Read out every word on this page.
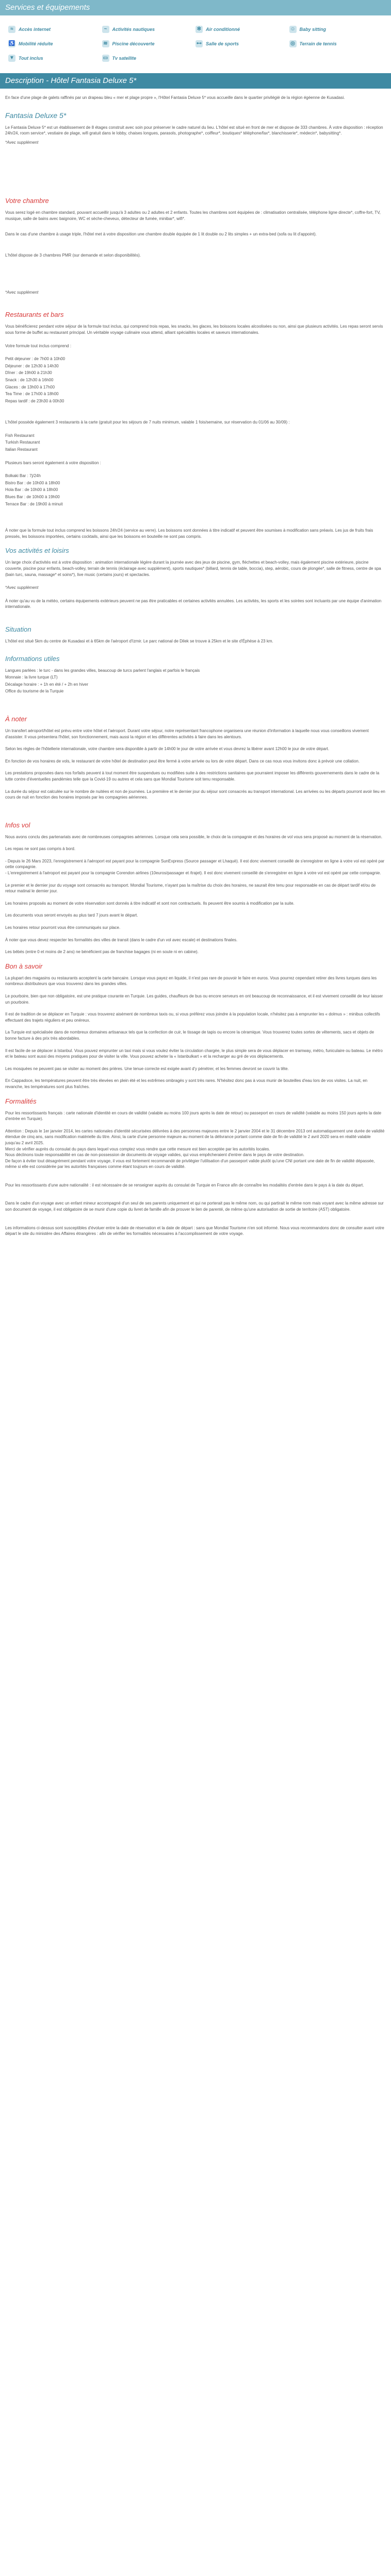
Services et équipements
≈	Accès internet	~	Activités nautiques	✻ Air conditionné	☺ Baby sitting
♿ Mobilité réduite	≋ Piscine découverte	⊷ Salle de sports	◎ Terrain de tennis
▼ Tout inclus	▭ Tv satellite
Description - Hôtel Fantasia Deluxe 5*

En face d'une plage de galets raffinés par un drapeau bleu « mer et plage propre », l'Hôtel Fantasia Deluxe 5* vous accueille dans le quartier privilégié de la région égéenne de Kusadasi.

Fantasia Deluxe 5*

Le Fantasia Deluxe 5* est un établissement de 8 étages construit avec soin pour préserver le cadre naturel du lieu. L'hôtel est situé en front de mer et dispose de 333 chambres. À votre disposition : réception 24h/24, room service*, vestiaire de plage, wifi gratuit dans le lobby, chaises longues, parasols, photographe*, coiffeur*, boutiques* téléphone/fax*, blanchisserie*, médecin*, babysitting*.

*Avec supplément

Votre chambre

Vous serez logé en chambre standard, pouvant accueillir jusqu'à 3 adultes ou 2 adultes et 2 enfants. Toutes les chambres sont équipées de : climatisation centralisée, téléphone ligne directe*, coffre-fort, TV, musique, salle de bains avec baignoire, WC et sèche-cheveux, détecteur de fumée, minibar*, wifi*.

Dans le cas d'une chambre à usage triple, l'hôtel met à votre disposition une chambre double équipée de 1 lit double ou 2 lits simples + un extra-bed (sofa ou lit d'appoint).

L'hôtel dispose de 3 chambres PMR (sur demande et selon disponibilités).

*Avec supplément

Restaurants et bars

Vous bénéficierez pendant votre séjour de la formule tout inclus, qui comprend trois repas, les snacks, les glaces, les boissons locales alcoolisées ou non, ainsi que plusieurs activités. Les repas seront servis sous forme de buffet au restaurant principal. Un véritable voyage culinaire vous attend, alliant spécialités locales et saveurs internationales.

Votre formule tout inclus comprend :

Petit déjeuner : de 7h00 à 10h00

Déjeuner : de 12h30 à 14h30

Dîner : de 19h00 à 21h30

Snack : de 12h30 à 16h00

Glaces : de 13h00 à 17h00

Tea Time : de 17h00 à 18h00

Repas tardif : de 23h30 à 00h30

L'hôtel possède également 3 restaurants à la carte (gratuit pour les séjours de 7 nuits minimum, valable 1 fois/semaine, sur réservation du 01/06 au 30/09) :

Fish Restaurant

Turkish Restaurant

Italian Restaurant

Plusieurs bars seront également à votre disposition :

Bolkaki Bar : 7j/24h

Bistro Bar : de 10h00 à 18h00

Hola Bar : de 10h00 à 18h00

Blues Bar : de 10h00 à 19h00

Terrace Bar : de 19h00 à minuit

À noter que la formule tout inclus comprend les boissons 24h/24 (service au verre). Les boissons sont données à titre indicatif et peuvent être soumises à modification sans préavis. Les jus de fruits frais pressés, les boissons importées, certains cocktails, ainsi que les boissons en bouteille ne sont pas compris.

Vos activités et loisirs

Un large choix d'activités est à votre disposition : animation internationale légère durant la journée avec des jeux de piscine, gym, fléchettes et beach-volley, mais également piscine extérieure, piscine couverte, piscine pour enfants, beach-volley, terrain de tennis (éclairage avec supplément), sports nautiques* (billard, tennis de table, boccia), step, aérobic, cours de plongée*, salle de fitness, centre de spa (bain turc, sauna, massage* et soins*), live music (certains jours) et spectacles.

*Avec supplément

À noter qu'au vu de la météo, certains équipements extérieurs peuvent ne pas être praticables et certaines activités annulées. Les activités, les sports et les soirées sont incluants par une équipe d'animation internationale.

Situation

L'hôtel est situé 5km du centre de Kusadasi et à 65km de l'aéroport d'Izmir. Le parc national de Dilek se trouve à 25km et le site d'Éphèse à 23 km.

Informations utiles

Langues parlées : le turc - dans les grandes villes, beaucoup de turcs parlent l'anglais et parfois le français

Monnaie : la livre turque (LT)

Décalage horaire : + 1h en été / + 2h en hiver

Office du tourisme de la Turquie

À noter

Un transfert aéroport/hôtel est prévu entre votre hôtel et l'aéroport. Durant votre séjour, notre représentant francophone organisera une réunion d'information à laquelle nous vous conseillons vivement d'assister. Il vous présentera l'hôtel, son fonctionnement, mais aussi la région et les différentes activités à faire dans les alentours.

Selon les règles de l'hôtellerie internationale, votre chambre sera disponible à partir de 14h00 le jour de votre arrivée et vous devrez la libérer avant 12h00 le jour de votre départ.

En fonction de vos horaires de vols, le restaurant de votre hôtel de destination peut être fermé à votre arrivée ou lors de votre départ. Dans ce cas nous vous invitons donc à prévoir une collation.

Les prestations proposées dans nos forfaits peuvent à tout moment être suspendues ou modifiées suite à des restrictions sanitaires que pourraient imposer les différents gouvernements dans le cadre de la lutte contre d'éventuelles pandémies telle que la Covid-19 ou autres et cela sans que Mondial Tourisme soit tenu responsable.

La durée du séjour est calculée sur le nombre de nuitées et non de journées. La première et le dernier jour du séjour sont consacrés au transport international. Les arrivées ou les départs pourront avoir lieu en cours de nuit en fonction des horaires imposés par les compagnies aériennes.

Infos vol

Nous avons conclu des partenariats avec de nombreuses compagnies aériennes. Lorsque cela sera possible, le choix de la compagnie et des horaires de vol vous sera proposé au moment de la réservation.

Les repas ne sont pas compris à bord.

- Depuis le 26 Mars 2023, l'enregistrement à l'aéroport est payant pour la compagnie SunExpress (Source passager et Lhaquè). Il est donc vivement conseillé de s'enregistrer en ligne à votre vol est opéré par cette compagnie.
- L'enregistrement à l'aéroport est payant pour la compagnie Corendon airlines (10euros/passager et /trajet). Il est donc vivement conseillé de s'enregistrer en ligne à votre vol est opéré par cette compagnie.

Le premier et le dernier jour du voyage sont consacrés au transport. Mondial Tourisme, n'ayant pas la maîtrise du choix des horaires, ne saurait être tenu pour responsable en cas de départ tardif et/ou de retour matinal le dernier jour.

Les horaires proposés au moment de votre réservation sont donnés à titre indicatif et sont non contractuels. Ils peuvent être soumis à modification par la suite.

Les documents vous seront envoyés au plus tard 7 jours avant le départ.

Les horaires retour pourront vous être communiqués sur place.

À noter que vous devez respecter les formalités des villes de transit (dans le cadre d'un vol avec escale) et destinations finales.

Les bébés (entre 0 et moins de 2 ans) ne bénéficient pas de franchise bagages (ni en soute ni en cabine).

Bon à savoir

La plupart des magasins ou restaurants acceptent la carte bancaire. Lorsque vous payez en liquide, il n'est pas rare de pouvoir le faire en euros. Vous pourrez cependant retirer des livres turques dans les nombreux distributeurs que vous trouverez dans les grandes villes.

Le pourboire, bien que non obligatoire, est une pratique courante en Turquie. Les guides, chauffeurs de bus ou encore serveurs en ont beaucoup de reconnaissance, et il est vivement conseillé de leur laisser un pourboire.

Il est de tradition de se déplacer en Turquie : vous trouverez aisément de nombreux taxis ou, si vous préférez vous joindre à la population locale, n'hésitez pas à emprunter les « dolmus » : minibus collectifs effectuant des trajets réguliers et peu onéreux.

La Turquie est spécialisée dans de nombreux domaines artisanaux tels que la confection de cuir, le tissage de tapis ou encore la céramique. Vous trouverez toutes sortes de vêtements, sacs et objets de bonne facture à des prix très abordables.

Il est facile de se déplacer à Istanbul. Vous pouvez emprunter un taxi mais si vous voulez éviter la circulation chargée, le plus simple sera de vous déplacer en tramway, métro, funiculaire ou bateau. Le métro et le bateau sont aussi des moyens pratiques pour de visiter la ville. Vous pouvez acheter la « Istanbulkart » et la recharger au gré de vos déplacements.

Les mosquées ne peuvent pas se visiter au moment des prières. Une tenue correcte est exigée avant d'y pénétrer, et les femmes devront se couvrir la tête.

En Cappadoce, les températures peuvent être très élevées en plein été et les extrêmes ombragés y sont très rares. N'hésitez donc pas à vous munir de bouteilles d'eau lors de vos visites. La nuit, en revanche, les températures sont plus fraîches.

Formalités

Pour les ressortissants français : carte nationale d'identité en cours de validité (valable au moins 100 jours après la date de retour) ou passeport en cours de validité (valable au moins 150 jours après la date d'entrée en Turquie).

Attention : Depuis le 1er janvier 2014, les cartes nationales d'identité sécurisées délivrées à des personnes majeures entre le 2 janvier 2004 et le 31 décembre 2013 ont automatiquement une durée de validité étendue de cinq ans, sans modification matérielle du titre. Ainsi, la carte d'une personne majeure au moment de la délivrance portant comme date de fin de validité le 2 avril 2020 sera en réalité valable jusqu'au 2 avril 2025.
Merci de vérifier auprès du consulat du pays dans lequel vous comptez vous rendre que cette mesure est bien acceptée par les autorités locales.
Nous déclinons toute responsabilité en cas de non-possession de documents de voyage valides, qui vous empêcheraient d'entrer dans le pays de votre destination.
De façon à éviter tout désagrément pendant votre voyage, il vous est fortement recommandé de privilégier l'utilisation d'un passeport valide plutôt qu'une CNI portant une date de fin de validité dépassée, même si elle est considérée par les autorités françaises comme étant toujours en cours de validité.

Pour les ressortissants d'une autre nationalité : il est nécessaire de se renseigner auprès du consulat de Turquie en France afin de connaître les modalités d'entrée dans le pays à la date du départ.

Dans le cadre d'un voyage avec un enfant mineur accompagné d'un seul de ses parents uniquement et qui ne porterait pas le même nom, ou qui partirait le même nom mais voyant avec la même adresse sur son document de voyage, il est obligatoire de se munir d'une copie du livret de famille afin de prouver le lien de parenté, de même qu'une autorisation de sortie de territoire (AST) obligatoire.

Les informations ci-dessus sont susceptibles d'évoluer entre la date de réservation et la date de départ : sans que Mondial Tourisme n'en soit informé. Nous vous recommandons donc de consulter avant votre départ le site du ministère des Affaires étrangères : afin de vérifier les formalités nécessaires à l'accomplissement de votre voyage.
